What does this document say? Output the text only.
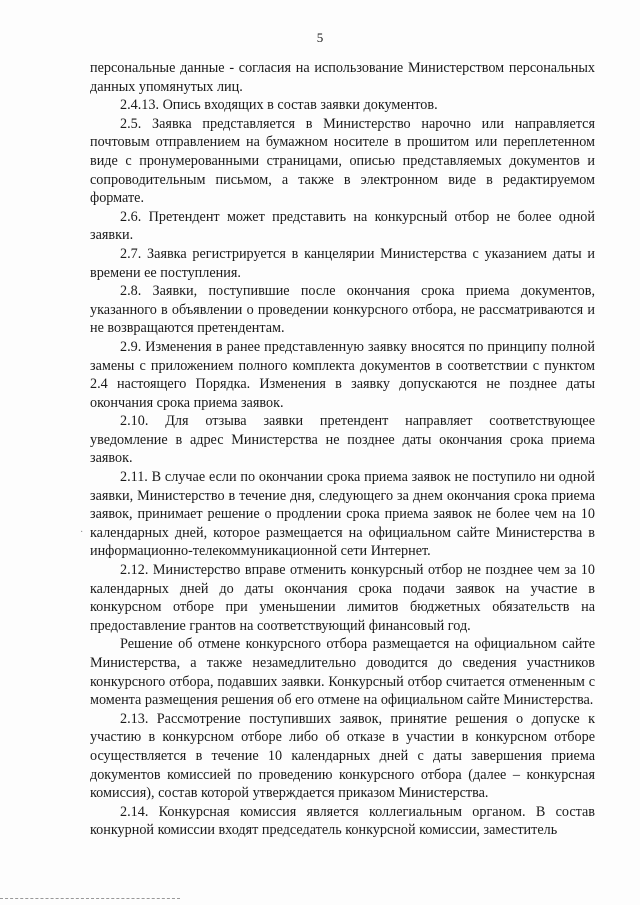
5

персональные данные - согласия на использование Министерством персональных данных упомянутых лиц.

2.4.13. Опись входящих в состав заявки документов.

2.5. Заявка представляется в Министерство нарочно или направляется почтовым отправлением на бумажном носителе в прошитом или переплетенном виде с пронумерованными страницами, описью представляемых документов и сопроводительным письмом, а также в электронном виде в редактируемом формате.

2.6. Претендент может представить на конкурсный отбор не более одной заявки.

2.7. Заявка регистрируется в канцелярии Министерства с указанием даты и времени ее поступления.

2.8. Заявки, поступившие после окончания срока приема документов, указанного в объявлении о проведении конкурсного отбора, не рассматриваются и не возвращаются претендентам.

2.9. Изменения в ранее представленную заявку вносятся по принципу полной замены с приложением полного комплекта документов в соответствии с пунктом 2.4 настоящего Порядка. Изменения в заявку допускаются не позднее даты окончания срока приема заявок.

2.10. Для отзыва заявки претендент направляет соответствующее уведомление в адрес Министерства не позднее даты окончания срока приема заявок.

2.11. В случае если по окончании срока приема заявок не поступило ни одной заявки, Министерство в течение дня, следующего за днем окончания срока приема заявок, принимает решение о продлении срока приема заявок не более чем на 10 календарных дней, которое размещается на официальном сайте Министерства в информационно-телекоммуникационной сети Интернет.

2.12. Министерство вправе отменить конкурсный отбор не позднее чем за 10 календарных дней до даты окончания срока подачи заявок на участие в конкурсном отборе при уменьшении лимитов бюджетных обязательств на предоставление грантов на соответствующий финансовый год.

Решение об отмене конкурсного отбора размещается на официальном сайте Министерства, а также незамедлительно доводится до сведения участников конкурсного отбора, подавших заявки. Конкурсный отбор считается отмененным с момента размещения решения об его отмене на официальном сайте Министерства.

2.13. Рассмотрение поступивших заявок, принятие решения о допуске к участию в конкурсном отборе либо об отказе в участии в конкурсном отборе осуществляется в течение 10 календарных дней с даты завершения приема документов комиссией по проведению конкурсного отбора (далее – конкурсная комиссия), состав которой утверждается приказом Министерства.

2.14. Конкурсная комиссия является коллегиальным органом. В состав конкурной комиссии входят председатель конкурсной комиссии, заместитель

·
